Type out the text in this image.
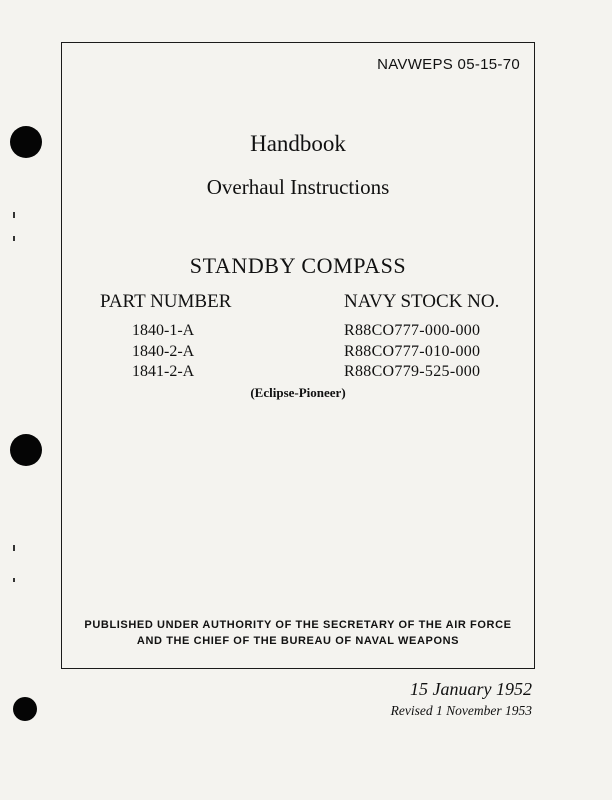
NAVWEPS 05-15-70
Handbook
Overhaul Instructions
STANDBY COMPASS
PART NUMBER	NAVY STOCK NO.
1840-1-A
1840-2-A
1841-2-A
R88CO777-000-000
R88CO777-010-000
R88CO779-525-000
(Eclipse-Pioneer)
PUBLISHED UNDER AUTHORITY OF THE SECRETARY OF THE AIR FORCE
AND THE CHIEF OF THE BUREAU OF NAVAL WEAPONS
15 January 1952
Revised 1 November 1953
